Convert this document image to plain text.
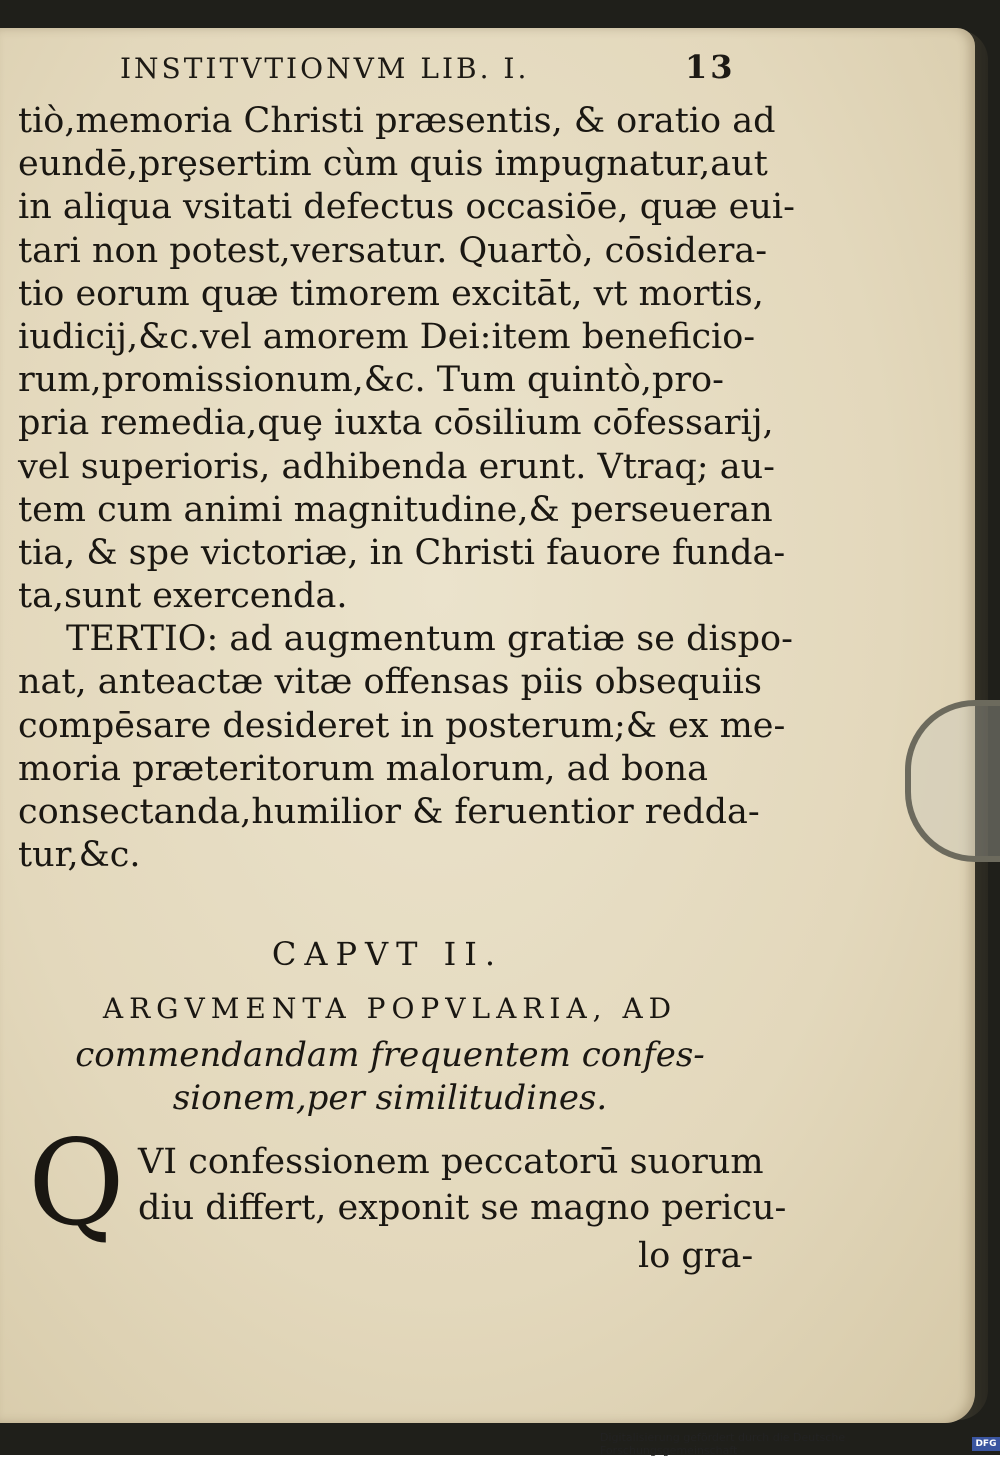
INSTITVTIONVM LIB. I.	13
tiò,memoria Christi præsentis, & oratio ad
eundē,prȩsertim cùm quis impugnatur,aut
in aliqua vsitati defectus occasiōe, quæ eui-
tari non potest,versatur. Quartò, cōsidera-
tio eorum quæ timorem excitāt, vt mortis,
iudicij,&c.vel amorem Dei:item beneficio-
rum,promissionum,&c. Tum quintò,pro-
pria remedia,quȩ iuxta cōsilium cōfessarij,
vel superioris, adhibenda erunt. Vtraq; au-
tem cum animi magnitudine,& perseueran
tia, & spe victoriæ, in Christi fauore funda-
ta,sunt exercenda.
TERTIO: ad augmentum gratiæ se dispo-
nat, anteactæ vitæ offensas piis obsequiis
compēsare desideret in posterum;& ex me-
moria præteritorum malorum, ad bona
consectanda,humilior & feruentior redda-
tur,&c.
CAPVT II.
ARGVMENTA POPVLARIA, AD
commendandam frequentem confes-
sionem,per similitudines.
Q VI confessionem peccatorū suorum
diu differt, exponit se magno pericu-
lo gra-
Digitalisierung gefördert durch die Deutsche Forschungsgemeinschaft -	DFG
